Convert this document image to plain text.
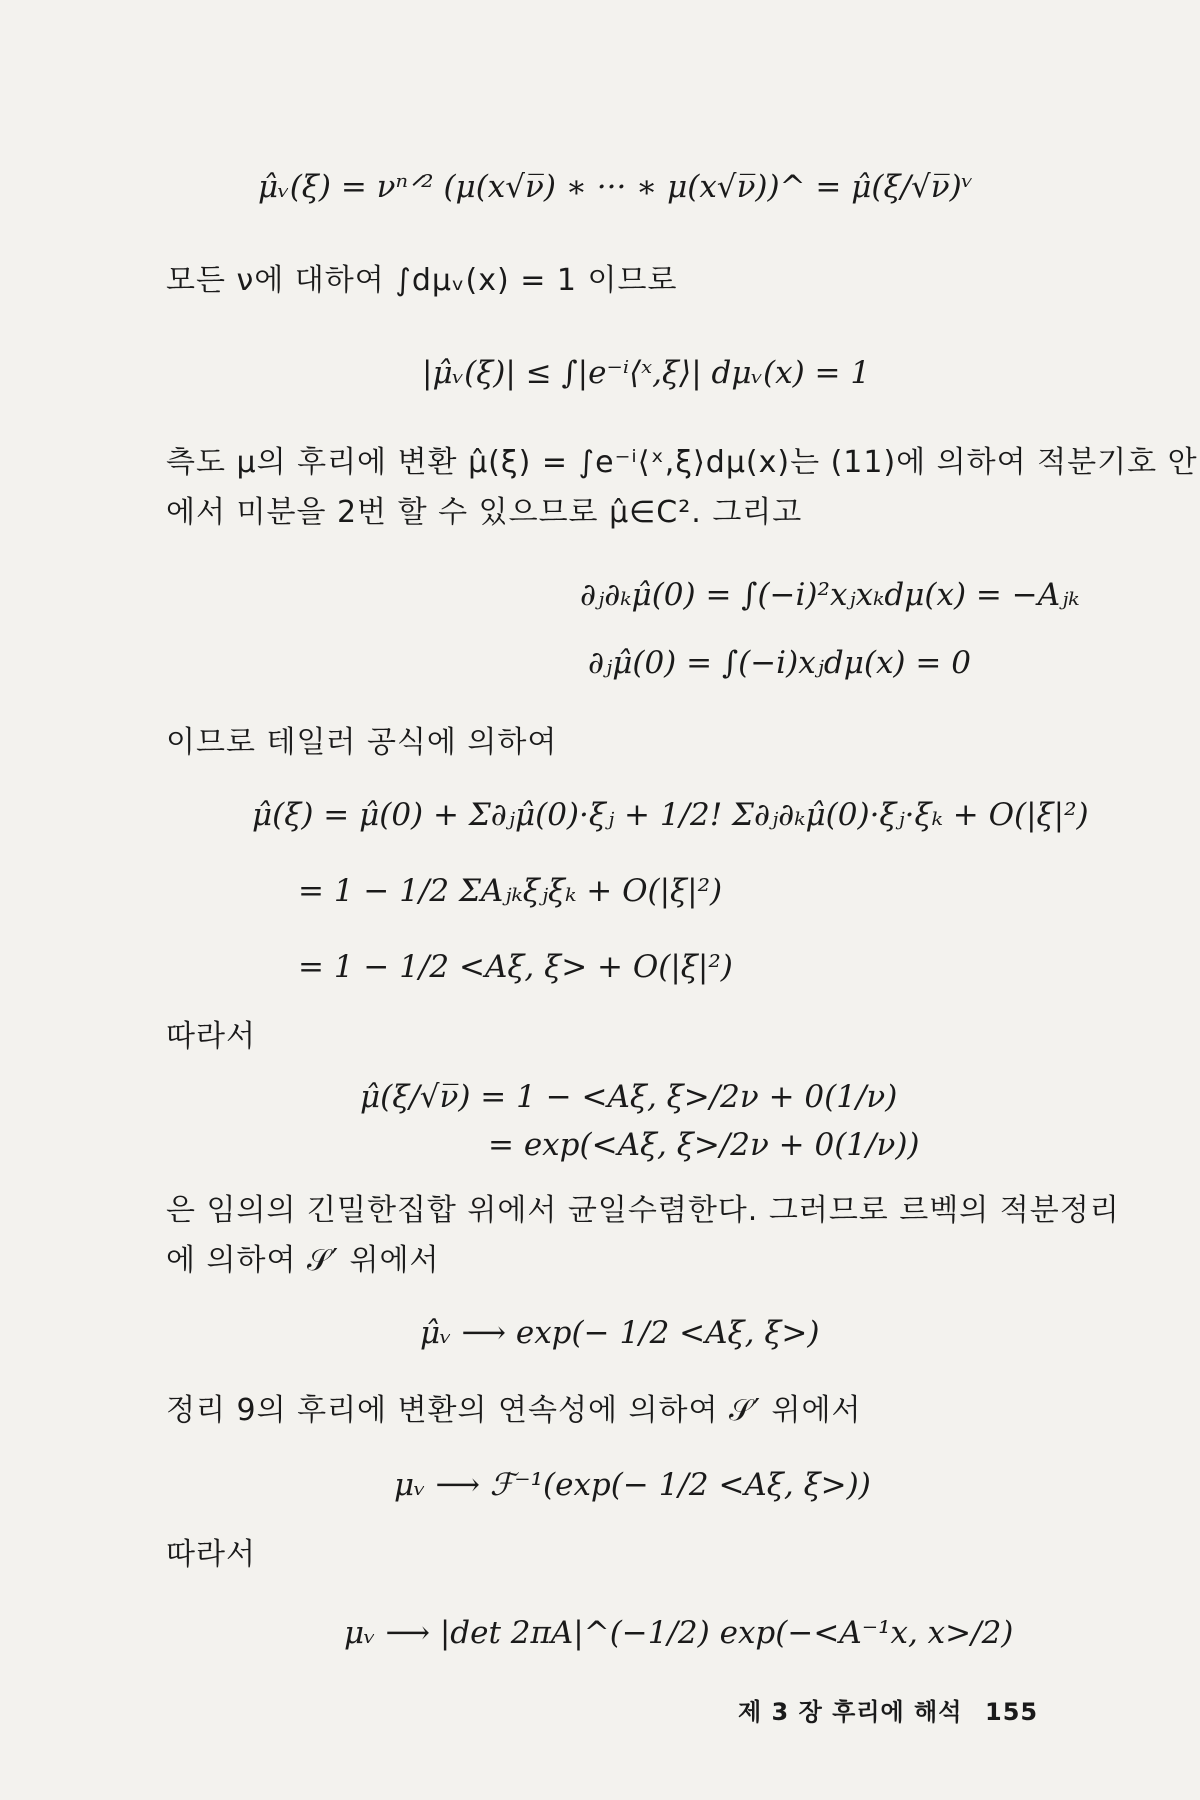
μ̂ᵥ(ξ) = νⁿᐟ² (μ(x√ν̅) ∗ ··· ∗ μ(x√ν̅))^ = μ̂(ξ/√ν̅)ᵛ
모든 ν에 대하여 ∫dμᵥ(x) = 1 이므로
|μ̂ᵥ(ξ)| ≤ ∫|e⁻ⁱ⟨ˣ,ξ⟩| dμᵥ(x) = 1
측도 μ의 후리에 변환 μ̂(ξ) = ∫e⁻ⁱ⟨ˣ,ξ⟩dμ(x)는 (11)에 의하여 적분기호 안
에서 미분을 2번 할 수 있으므로 μ̂∈C². 그리고
∂ⱼ∂ₖμ̂(0) = ∫(−i)²xⱼxₖdμ(x) = −Aⱼₖ
∂ⱼμ̂(0) = ∫(−i)xⱼdμ(x) = 0
이므로 테일러 공식에 의하여
μ̂(ξ) = μ̂(0) + Σ∂ⱼμ̂(0)·ξⱼ + 1/2! Σ∂ⱼ∂ₖμ̂(0)·ξⱼ·ξₖ + O(|ξ|²)
= 1 − 1/2 ΣAⱼₖξⱼξₖ + O(|ξ|²)
= 1 − 1/2 <Aξ, ξ> + O(|ξ|²)
따라서
μ̂(ξ/√ν̅) = 1 − <Aξ, ξ>/2ν + 0(1/ν)
= exp(<Aξ, ξ>/2ν + 0(1/ν))
은 임의의 긴밀한집합 위에서 균일수렴한다. 그러므로 르벡의 적분정리
에 의하여 𝒮′ 위에서
μ̂ᵥ ⟶ exp(− 1/2 <Aξ, ξ>)
정리 9의 후리에 변환의 연속성에 의하여 𝒮′ 위에서
μᵥ ⟶ ℱ⁻¹(exp(− 1/2 <Aξ, ξ>))
따라서
μᵥ ⟶ |det 2πA|^(−1/2) exp(−<A⁻¹x, x>/2)
제 3 장 후리에 해석 155
